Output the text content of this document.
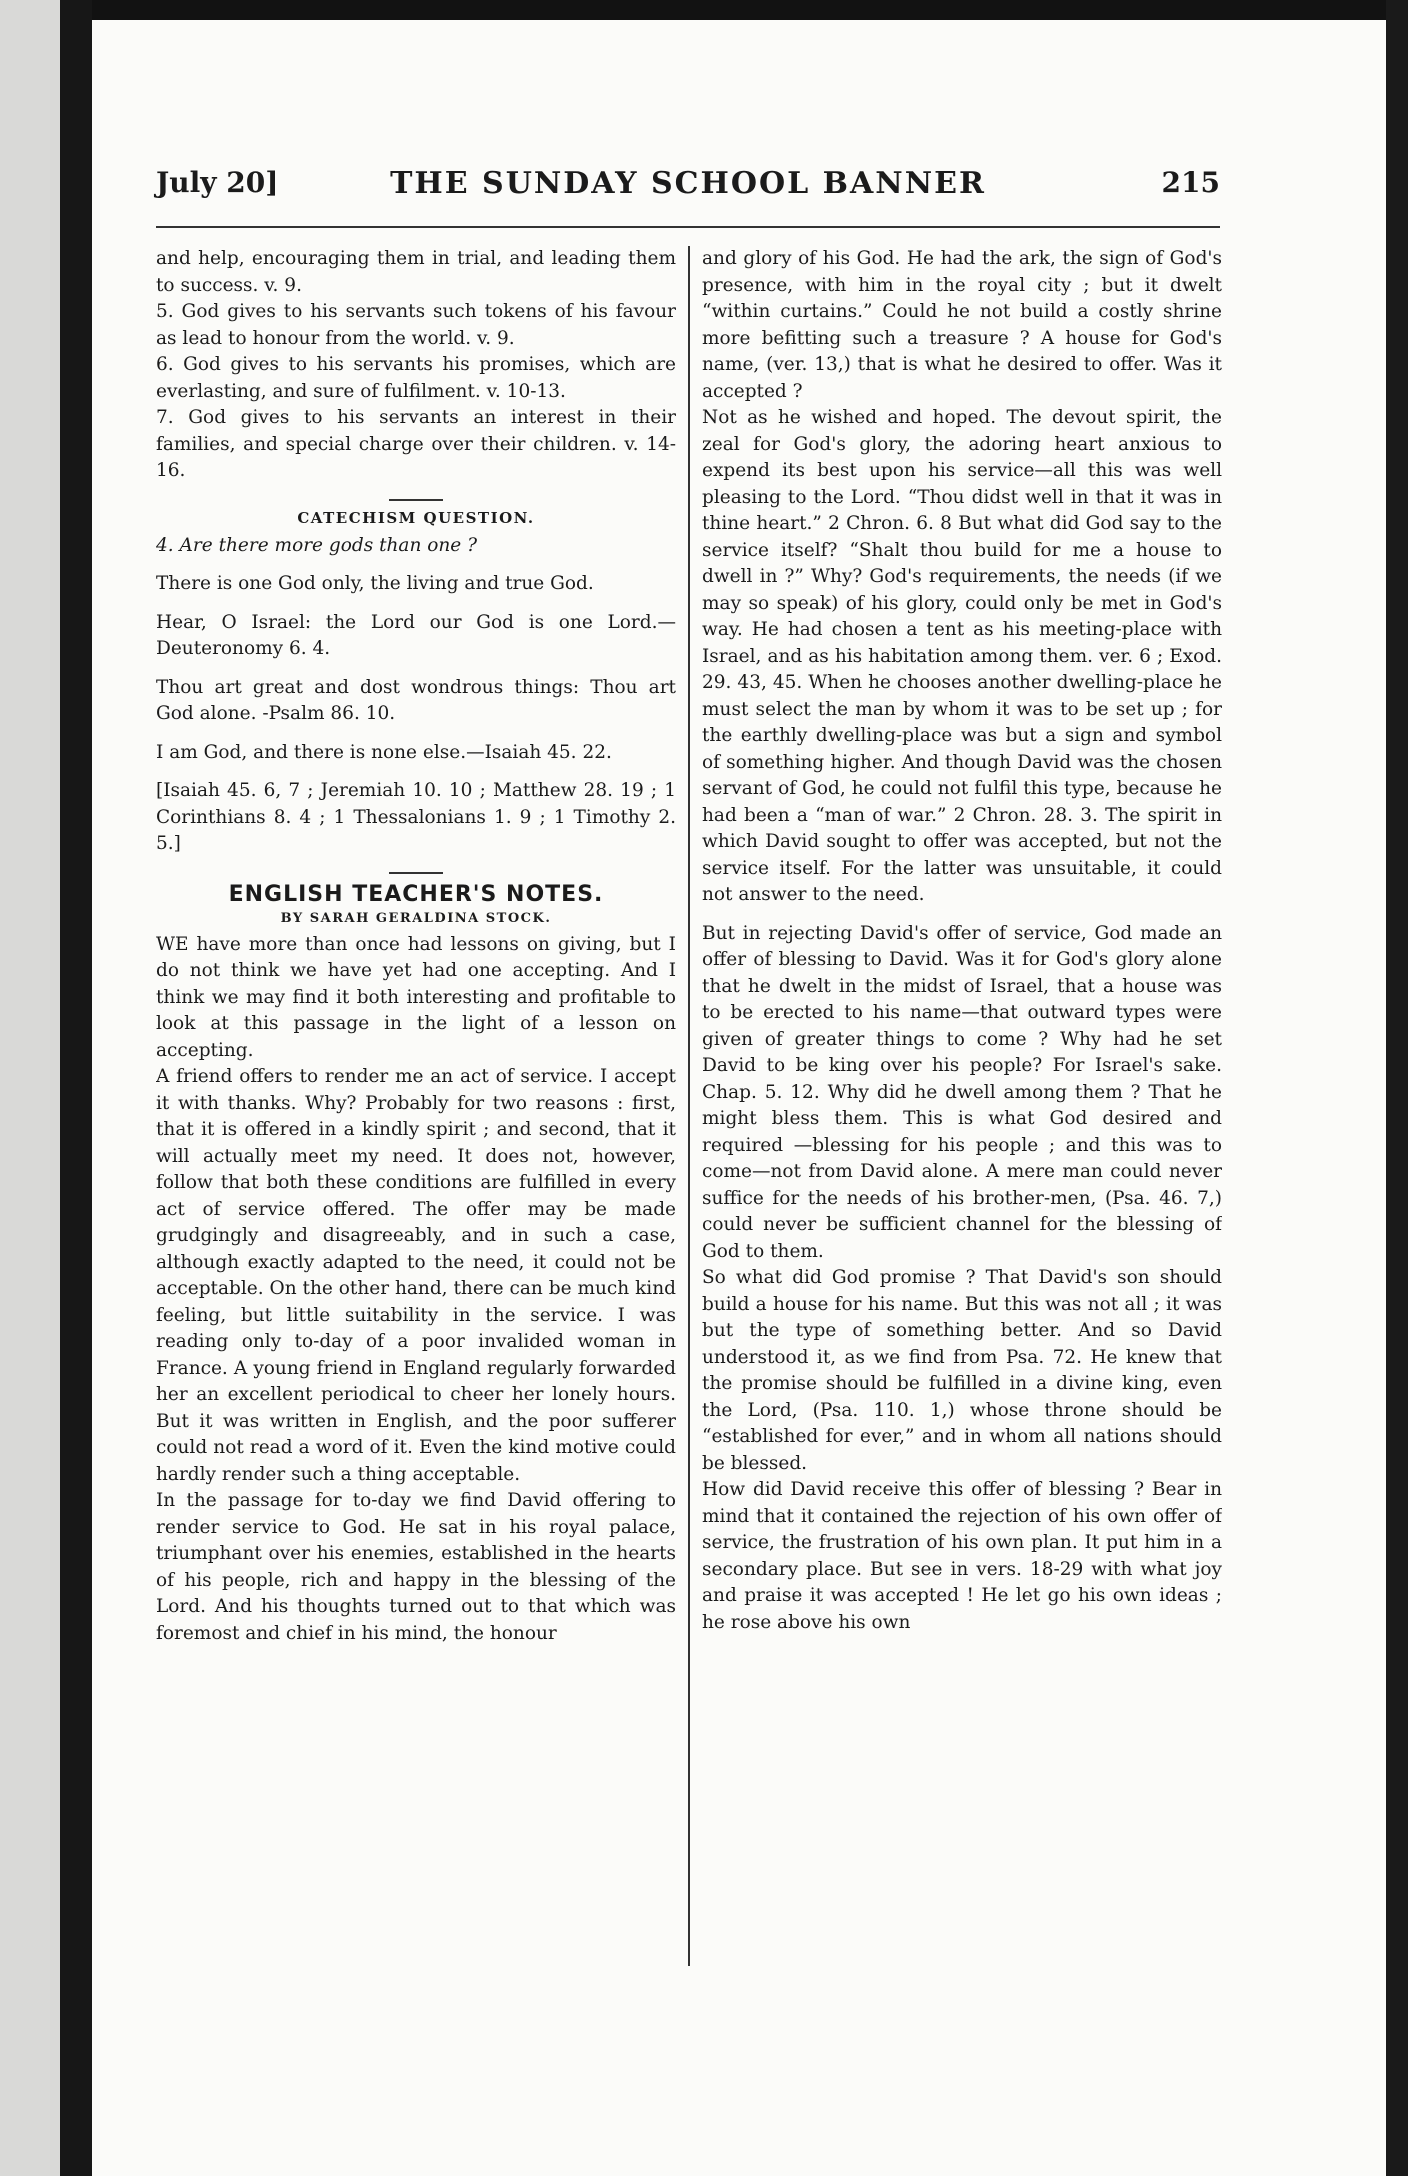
July 20]	THE SUNDAY SCHOOL BANNER	215

and help, encouraging them in trial, and leading them to success. v. 9.

5. God gives to his servants such tokens of his favour as lead to honour from the world. v. 9.

6. God gives to his servants his promises, which are everlasting, and sure of fulfilment. v. 10-13.

7. God gives to his servants an interest in their families, and special charge over their children. v. 14-16.

CATECHISM QUESTION.

4. Are there more gods than one ?

There is one God only, the living and true God.

Hear, O Israel: the Lord our God is one Lord.—Deuteronomy 6. 4.

Thou art great and dost wondrous things: Thou art God alone. -Psalm 86. 10.

I am God, and there is none else.—Isaiah 45. 22.

[Isaiah 45. 6, 7 ; Jeremiah 10. 10 ; Matthew 28. 19 ; 1 Corinthians 8. 4 ; 1 Thessalonians 1. 9 ; 1 Timothy 2. 5.]

ENGLISH TEACHER'S NOTES.
BY SARAH GERALDINA STOCK.

WE have more than once had lessons on giving, but I do not think we have yet had one accepting. And I think we may find it both interesting and profitable to look at this passage in the light of a lesson on accepting.

A friend offers to render me an act of service. I accept it with thanks. Why? Probably for two reasons : first, that it is offered in a kindly spirit ; and second, that it will actually meet my need. It does not, however, follow that both these conditions are fulfilled in every act of service offered. The offer may be made grudgingly and disagreeably, and in such a case, although exactly adapted to the need, it could not be acceptable. On the other hand, there can be much kind feeling, but little suitability in the service. I was reading only to-day of a poor invalided woman in France. A young friend in England regularly forwarded her an excellent periodical to cheer her lonely hours. But it was written in English, and the poor sufferer could not read a word of it. Even the kind motive could hardly render such a thing acceptable.

In the passage for to-day we find David offering to render service to God. He sat in his royal palace, triumphant over his enemies, established in the hearts of his people, rich and happy in the blessing of the Lord. And his thoughts turned out to that which was foremost and chief in his mind, the honour

and glory of his God. He had the ark, the sign of God's presence, with him in the royal city ; but it dwelt “within curtains.” Could he not build a costly shrine more befitting such a treasure ? A house for God's name, (ver. 13,) that is what he desired to offer. Was it accepted ?

Not as he wished and hoped. The devout spirit, the zeal for God's glory, the adoring heart anxious to expend its best upon his service—all this was well pleasing to the Lord. “Thou didst well in that it was in thine heart.” 2 Chron. 6. 8 But what did God say to the service itself? “Shalt thou build for me a house to dwell in ?” Why? God's requirements, the needs (if we may so speak) of his glory, could only be met in God's way. He had chosen a tent as his meeting-place with Israel, and as his habitation among them. ver. 6 ; Exod. 29. 43, 45. When he chooses another dwelling-place he must select the man by whom it was to be set up ; for the earthly dwelling-place was but a sign and symbol of something higher. And though David was the chosen servant of God, he could not fulfil this type, because he had been a “man of war.” 2 Chron. 28. 3. The spirit in which David sought to offer was accepted, but not the service itself. For the latter was unsuitable, it could not answer to the need.

But in rejecting David's offer of service, God made an offer of blessing to David. Was it for God's glory alone that he dwelt in the midst of Israel, that a house was to be erected to his name—that outward types were given of greater things to come ? Why had he set David to be king over his people? For Israel's sake. Chap. 5. 12. Why did he dwell among them ? That he might bless them. This is what God desired and required —blessing for his people ; and this was to come—not from David alone. A mere man could never suffice for the needs of his brother-men, (Psa. 46. 7,) could never be sufficient channel for the blessing of God to them.

So what did God promise ? That David's son should build a house for his name. But this was not all ; it was but the type of something better. And so David understood it, as we find from Psa. 72. He knew that the promise should be fulfilled in a divine king, even the Lord, (Psa. 110. 1,) whose throne should be “established for ever,” and in whom all nations should be blessed.

How did David receive this offer of blessing ? Bear in mind that it contained the rejection of his own offer of service, the frustration of his own plan. It put him in a secondary place. But see in vers. 18-29 with what joy and praise it was accepted ! He let go his own ideas ; he rose above his own
